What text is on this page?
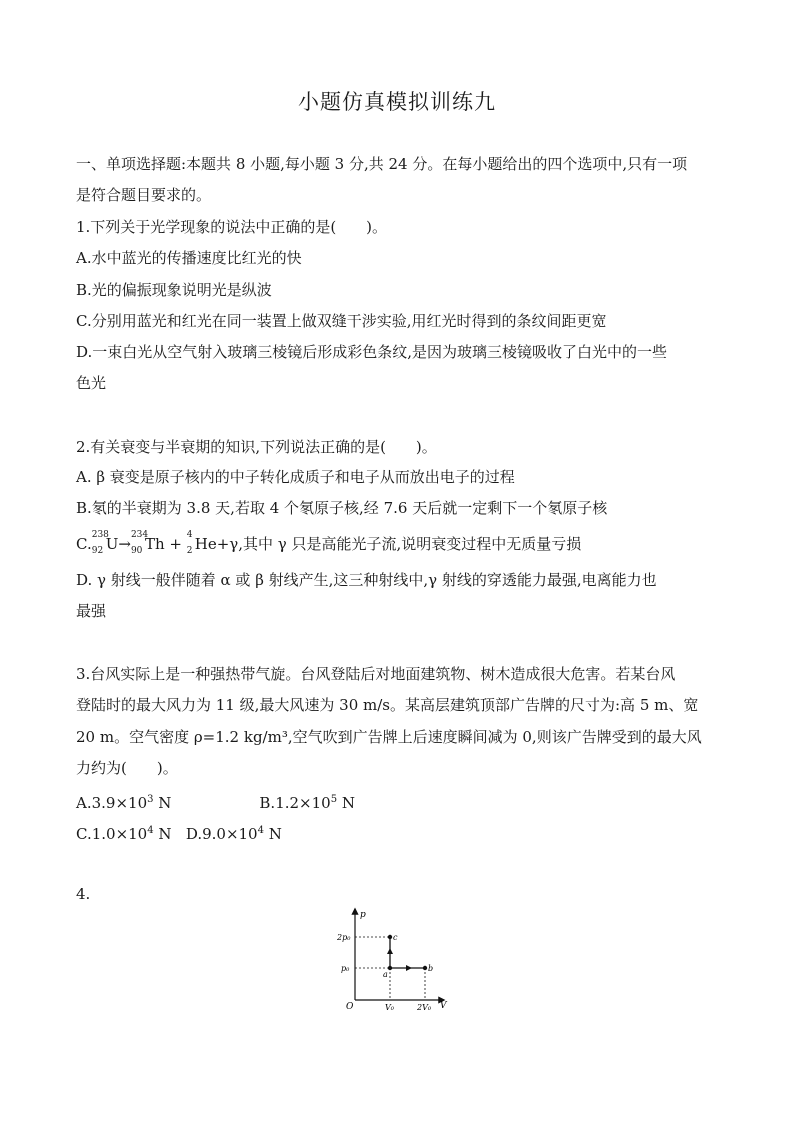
小题仿真模拟训练九
一、单项选择题:本题共 8 小题,每小题 3 分,共 24 分。在每小题给出的四个选项中,只有一项
是符合题目要求的。
1.下列关于光学现象的说法中正确的是(　　)。
A.水中蓝光的传播速度比红光的快
B.光的偏振现象说明光是纵波
C.分别用蓝光和红光在同一装置上做双缝干涉实验,用红光时得到的条纹间距更宽
D.一束白光从空气射入玻璃三棱镜后形成彩色条纹,是因为玻璃三棱镜吸收了白光中的一些
色光
2.有关衰变与半衰期的知识,下列说法正确的是(　　)。
A. β 衰变是原子核内的中子转化成质子和电子从而放出电子的过程
B.氡的半衰期为 3.8 天,若取 4 个氡原子核,经 7.6 天后就一定剩下一个氡原子核
C. 238
92 U→ 234
90 Th + 4
2 He+γ,其中 γ 只是高能光子流,说明衰变过程中无质量亏损
D. γ 射线一般伴随着 α 或 β 射线产生,这三种射线中,γ 射线的穿透能力最强,电离能力也
最强
3.台风实际上是一种强热带气旋。台风登陆后对地面建筑物、树木造成很大危害。若某台风
登陆时的最大风力为 11 级,最大风速为 30 m/s。某高层建筑顶部广告牌的尺寸为:高 5 m、宽
20 m。空气密度 ρ=1.2 kg/m³,空气吹到广告牌上后速度瞬间减为 0,则该广告牌受到的最大风
力约为(　　)。
$A.3.9\times 10^3$ N	$B.1.2\times 10^5$ N
$C.1.0\times 10^4$ N $D.9.0\times 10^4$ N
4.
p
V
O
a
b
c
2p₀
p₀
V₀	2V₀
